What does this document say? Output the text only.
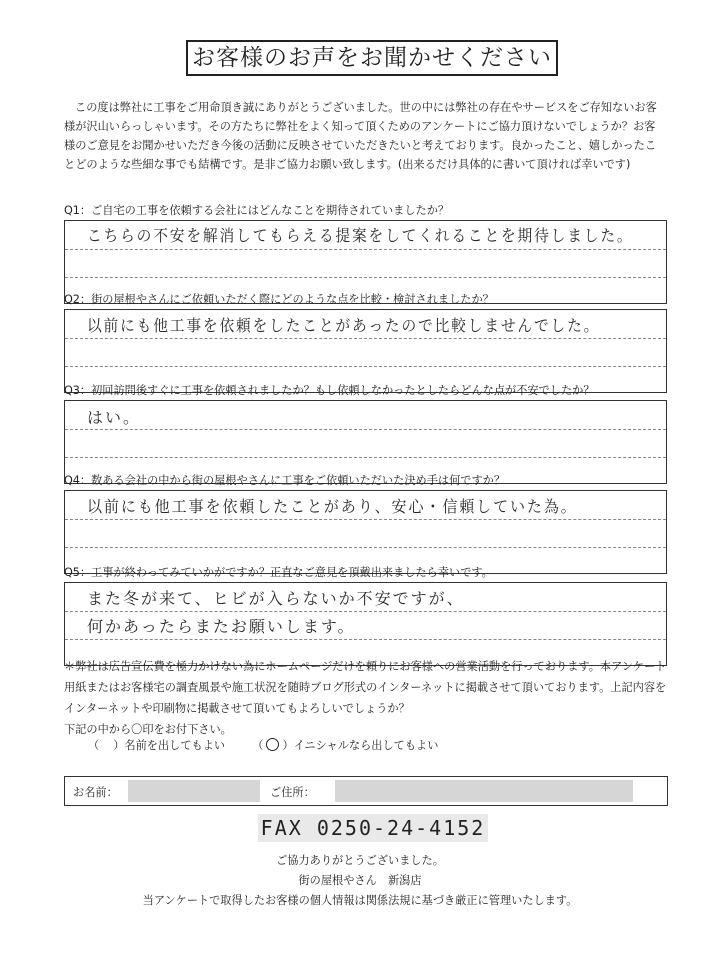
お客様のお声をお聞かせください
この度は弊社に工事をご用命頂き誠にありがとうございました。世の中には弊社の存在やサービスをご存知ないお客様が沢山いらっしゃいます。その方たちに弊社をよく知って頂くためのアンケートにご協力頂けないでしょうか？お客様のご意見をお聞かせいただき今後の活動に反映させていただきたいと考えております。良かったこと、嬉しかったことどのような些細な事でも結構です。是非ご協力お願い致します。(出来るだけ具体的に書いて頂ければ幸いです)
Q1：ご自宅の工事を依頼する会社にはどんなことを期待されていましたか？
こちらの不安を解消してもらえる提案をしてくれることを期待しました。
Q2：街の屋根やさんにご依頼いただく際にどのような点を比較・検討されましたか？
以前にも他工事を依頼をしたことがあったので比較しませんでした。
Q3：初回訪問後すぐに工事を依頼されましたか？もし依頼しなかったとしたらどんな点が不安でしたか？
はい。
Q4：数ある会社の中から街の屋根やさんに工事をご依頼いただいた決め手は何ですか？
以前にも他工事を依頼したことがあり、安心・信頼していた為。
Q5：工事が終わってみていかがですか？正直なご意見を頂戴出来ましたら幸いです。
また冬が来て、ヒビが入らないか不安ですが、
何かあったらまたお願いします。
＊弊社は広告宣伝費を極力かけない為にホームページだけを頼りにお客様への営業活動を行っております。本アンケート用紙またはお客様宅の調査風景や施工状況を随時ブログ形式のインターネットに掲載させて頂いております。上記内容をインターネットや印刷物に掲載させて頂いてもよろしいでしょうか？
下記の中から〇印をお付下さい。
（ ）名前を出してもよい （ ）イニシャルなら出してもよい
お名前：	ご住所：
FAX 0250-24-4152
ご協力ありがとうございました。
街の屋根やさん　新潟店
当アンケートで取得したお客様の個人情報は関係法規に基づき厳正に管理いたします。
